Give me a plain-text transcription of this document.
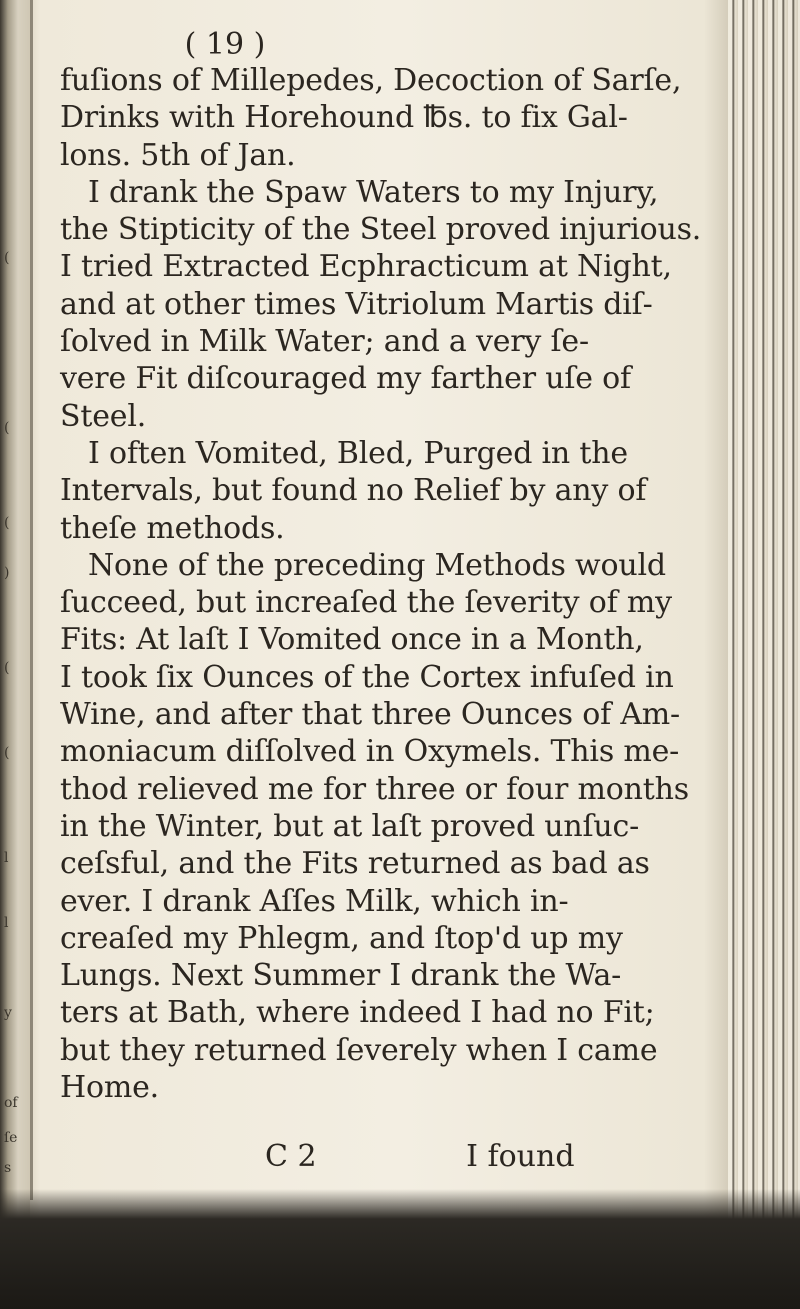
(
(
(
)
(
(
l
l
y
of
ſe
s
( 19 )
fuſions of Millepedes, Decoction of Sarſe,
Drinks with Horehound ℔s. to fix Gal-
lons. 5th of Jan.
I drank the Spaw Waters to my Injury,
the Stipticity of the Steel proved injurious.
I tried Extracted Ecphracticum at Night,
and at other times Vitriolum Martis diſ-
ſolved in Milk Water; and a very ſe-
vere Fit diſcouraged my farther uſe of
Steel.
I often Vomited, Bled, Purged in the
Intervals, but found no Relief by any of
theſe methods.
None of the preceding Methods would
ſucceed, but increaſed the ſeverity of my
Fits: At laſt I Vomited once in a Month,
I took ſix Ounces of the Cortex infuſed in
Wine, and after that three Ounces of Am-
moniacum diſſolved in Oxymels. This me-
thod relieved me for three or four months
in the Winter, but at laſt proved unſuc-
ceſsful, and the Fits returned as bad as
ever. I drank Aſſes Milk, which in-
creaſed my Phlegm, and ſtop'd up my
Lungs. Next Summer I drank the Wa-
ters at Bath, where indeed I had no Fit;
but they returned ſeverely when I came
Home.
C 2	I found
